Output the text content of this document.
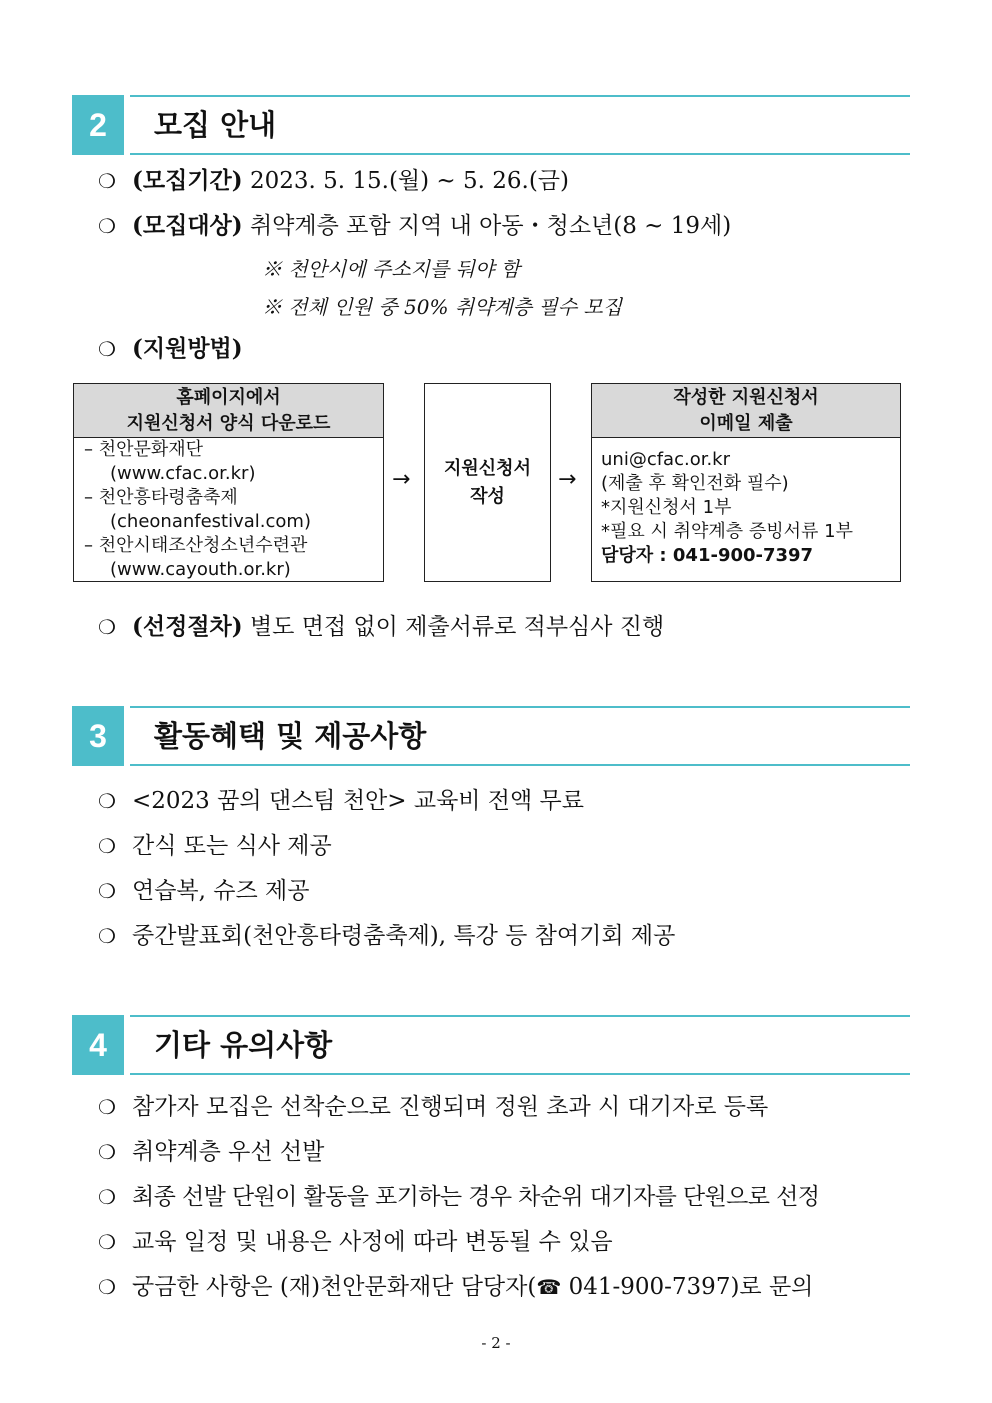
2	모집 안내
❍ (모집기간) 2023. 5. 15.(월) ~ 5. 26.(금)
❍ (모집대상) 취약계층 포함 지역 내 아동・청소년(8 ~ 19세)
※ 천안시에 주소지를 둬야 함
※ 전체 인원 중 50% 취약계층 필수 모집
❍ (지원방법)
홈페이지에서
지원신청서 양식 다운로드
– 천안문화재단
(www.cfac.or.kr)
– 천안흥타령춤축제
(cheonanfestival.com)
– 천안시태조산청소년수련관
(www.cayouth.or.kr)
→ 지원신청서
작성
→
작성한 지원신청서
이메일 제출
uni@cfac.or.kr
(제출 후 확인전화 필수)
*지원신청서 1부
*필요 시 취약계층 증빙서류 1부
담당자 : 041-900-7397
❍ (선정절차) 별도 면접 없이 제출서류로 적부심사 진행
3	활동혜택 및 제공사항
❍ <2023 꿈의 댄스팀 천안> 교육비 전액 무료
❍ 간식 또는 식사 제공
❍ 연습복, 슈즈 제공
❍ 중간발표회(천안흥타령춤축제), 특강 등 참여기회 제공
4	기타 유의사항
❍ 참가자 모집은 선착순으로 진행되며 정원 초과 시 대기자로 등록
❍ 취약계층 우선 선발
❍ 최종 선발 단원이 활동을 포기하는 경우 차순위 대기자를 단원으로 선정
❍ 교육 일정 및 내용은 사정에 따라 변동될 수 있음
❍ 궁금한 사항은 (재)천안문화재단 담당자(☎ 041-900-7397)로 문의
- 2 -
